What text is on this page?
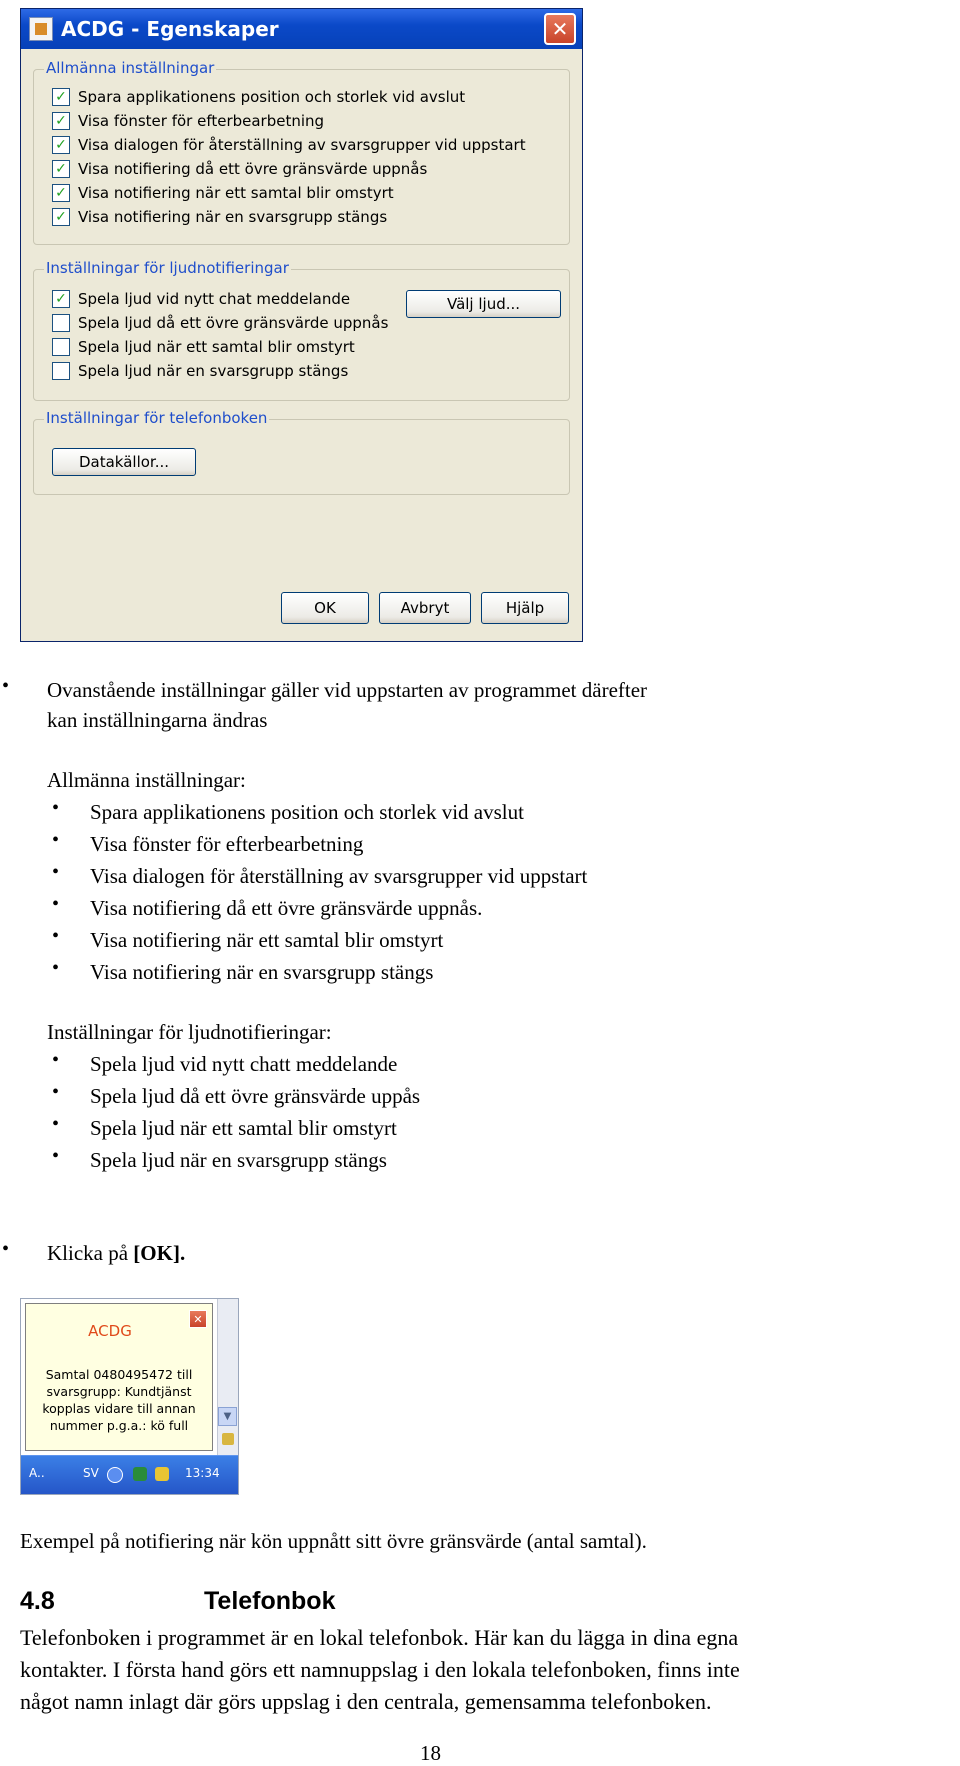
ACDG - Egenskaper	✕
Allmänna inställningar
✓ Spara applikationens position och storlek vid avslut
✓ Visa fönster för efterbearbetning
✓ Visa dialogen för återställning av svarsgrupper vid uppstart
✓ Visa notifiering då ett övre gränsvärde uppnås
✓ Visa notifiering när ett samtal blir omstyrt
✓ Visa notifiering när en svarsgrupp stängs
Inställningar för ljudnotifieringar
✓ Spela ljud vid nytt chat meddelande
Spela ljud då ett övre gränsvärde uppnås
Spela ljud när ett samtal blir omstyrt
Spela ljud när en svarsgrupp stängs
Välj ljud...
Inställningar för telefonboken
Datakällor...
OK	Avbryt	Hjälp
•
Ovanstående inställningar gäller vid uppstarten av programmet därefter
kan inställningarna ändras
Allmänna inställningar:
•
Spara applikationens position och storlek vid avslut
•
Visa fönster för efterbearbetning
•
Visa dialogen för återställning av svarsgrupper vid uppstart
•
Visa notifiering då ett övre gränsvärde uppnås.
•
Visa notifiering när ett samtal blir omstyrt
•
Visa notifiering när en svarsgrupp stängs
Inställningar för ljudnotifieringar:
•
Spela ljud vid nytt chatt meddelande
•
Spela ljud då ett övre gränsvärde uppås
•
Spela ljud när ett samtal blir omstyrt
•
Spela ljud när en svarsgrupp stängs
•
Klicka på [OK].
ACDG
✕
Samtal 0480495472 till
svarsgrupp: Kundtjänst
kopplas vidare till annan
nummer p.g.a.: kö full
▼
A..	SV	13:34
Exempel på notifiering när kön uppnått sitt övre gränsvärde (antal samtal).
4.8	Telefonbok
Telefonboken i programmet är en lokal telefonbok. Här kan du lägga in dina egna
kontakter. I första hand görs ett namnuppslag i den lokala telefonboken, finns inte
något namn inlagt där görs uppslag i den centrala, gemensamma telefonboken.
18
